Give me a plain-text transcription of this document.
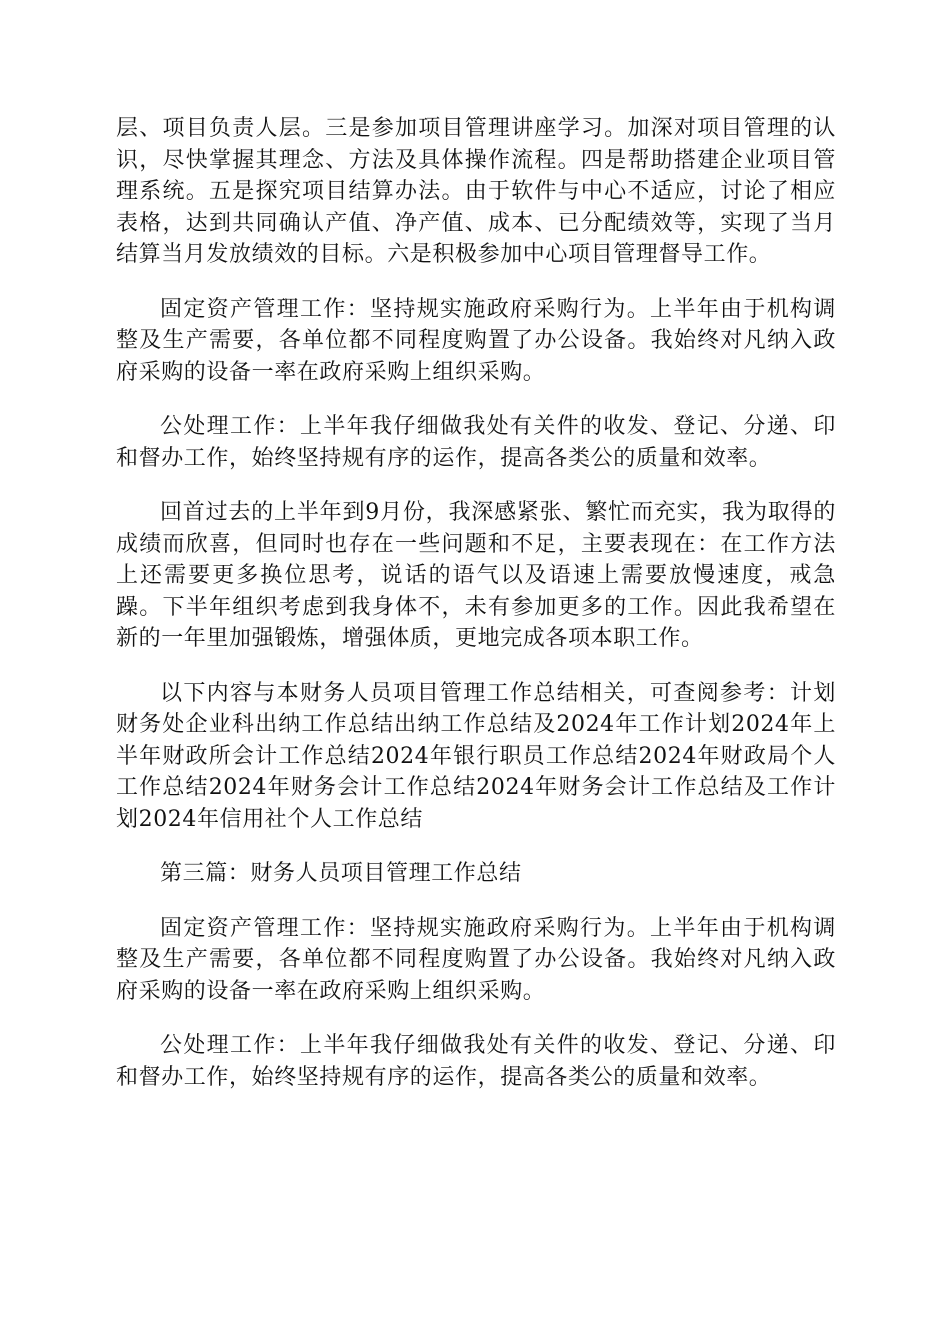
层、项目负责人层。三是参加项目管理讲座学习。加深对项目管理的认识，尽快掌握其理念、方法及具体操作流程。四是帮助搭建企业项目管理系统。五是探究项目结算办法。由于软件与中心不适应，讨论了相应表格，达到共同确认产值、净产值、成本、已分配绩效等，实现了当月结算当月发放绩效的目标。六是积极参加中心项目管理督导工作。

固定资产管理工作：坚持规实施政府采购行为。上半年由于机构调整及生产需要，各单位都不同程度购置了办公设备。我始终对凡纳入政府采购的设备一率在政府采购上组织采购。

公处理工作：上半年我仔细做我处有关件的收发、登记、分递、印和督办工作，始终坚持规有序的运作，提高各类公的质量和效率。

回首过去的上半年到9月份，我深感紧张、繁忙而充实，我为取得的成绩而欣喜，但同时也存在一些问题和不足，主要表现在：在工作方法上还需要更多换位思考，说话的语气以及语速上需要放慢速度，戒急躁。下半年组织考虑到我身体不，未有参加更多的工作。因此我希望在新的一年里加强锻炼，增强体质，更地完成各项本职工作。

以下内容与本财务人员项目管理工作总结相关，可查阅参考：计划财务处企业科出纳工作总结出纳工作总结及2024年工作计划2024年上半年财政所会计工作总结2024年银行职员工作总结2024年财政局个人工作总结2024年财务会计工作总结2024年财务会计工作总结及工作计划2024年信用社个人工作总结

第三篇：财务人员项目管理工作总结

固定资产管理工作：坚持规实施政府采购行为。上半年由于机构调整及生产需要，各单位都不同程度购置了办公设备。我始终对凡纳入政府采购的设备一率在政府采购上组织采购。

公处理工作：上半年我仔细做我处有关件的收发、登记、分递、印和督办工作，始终坚持规有序的运作，提高各类公的质量和效率。
